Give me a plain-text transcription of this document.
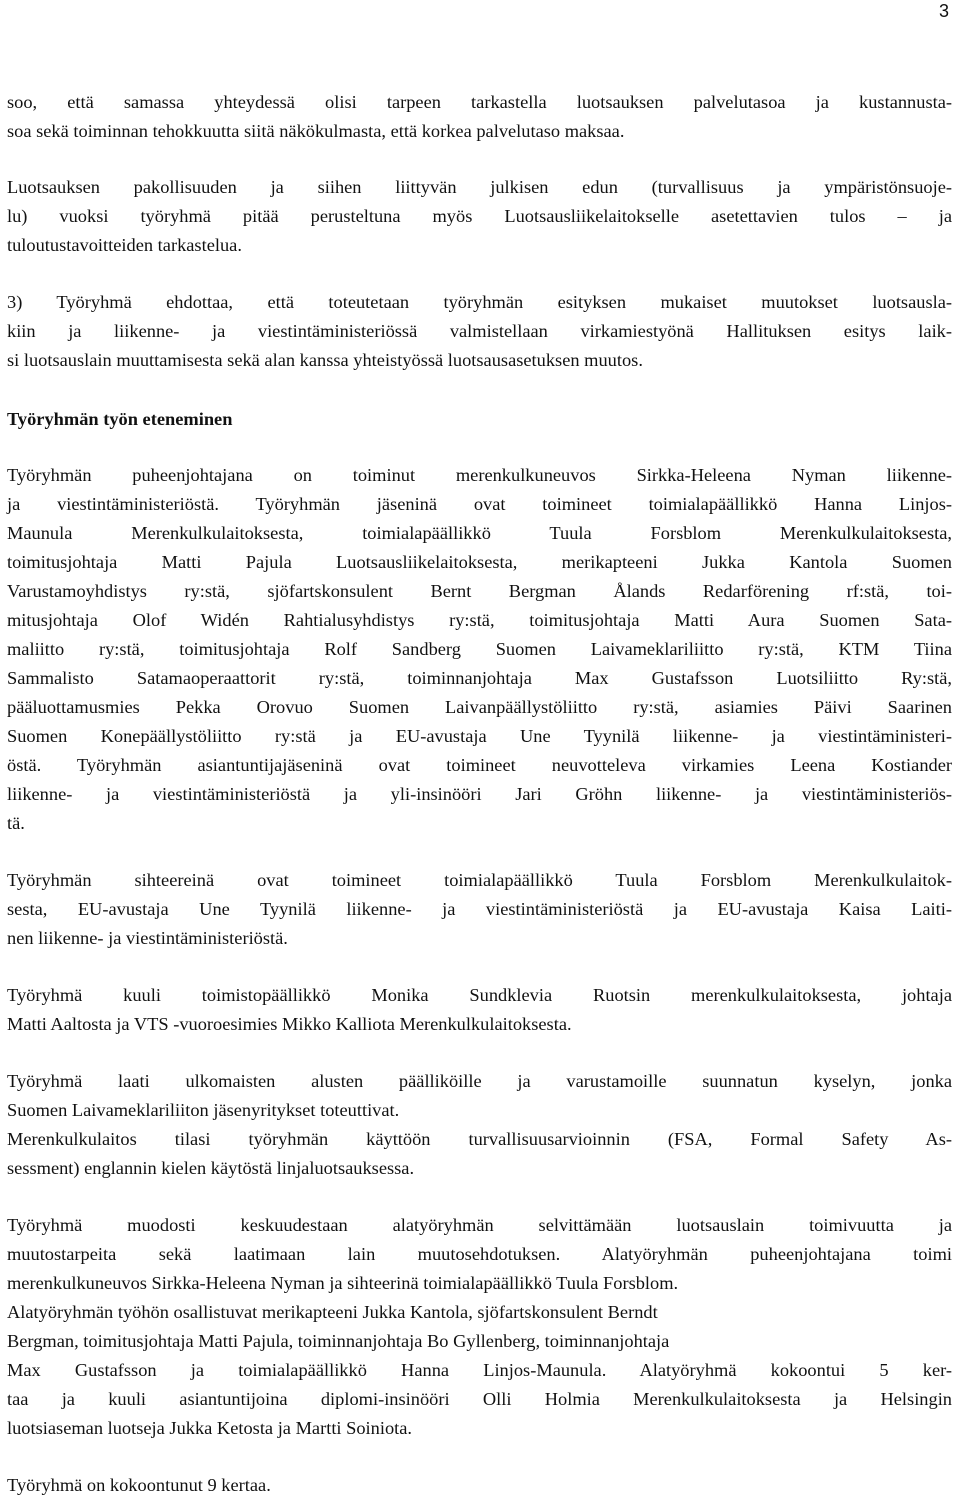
3
soo, että samassa yhteydessä olisi tarpeen tarkastella luotsauksen palvelutasoa ja kustannusta-
soa sekä toiminnan tehokkuutta siitä näkökulmasta, että korkea palvelutaso maksaa.
Luotsauksen pakollisuuden ja siihen liittyvän julkisen edun (turvallisuus ja ympäristönsuoje-
lu) vuoksi työryhmä pitää perusteltuna myös Luotsausliikelaitokselle asetettavien tulos – ja
tuloutustavoitteiden tarkastelua.
3) Työryhmä ehdottaa, että toteutetaan työryhmän esityksen mukaiset muutokset luotsausla-
kiin ja liikenne- ja viestintäministeriössä valmistellaan virkamiestyönä Hallituksen esitys laik-
si luotsauslain muuttamisesta sekä alan kanssa yhteistyössä luotsausasetuksen muutos.
Työryhmän työn eteneminen
Työryhmän puheenjohtajana on toiminut merenkulkuneuvos Sirkka-Heleena Nyman liikenne-
ja viestintäministeriöstä. Työryhmän jäseninä ovat toimineet toimialapäällikkö Hanna Linjos-
Maunula Merenkulkulaitoksesta, toimialapäällikkö Tuula Forsblom Merenkulkulaitoksesta,
toimitusjohtaja Matti Pajula Luotsausliikelaitoksesta, merikapteeni Jukka Kantola Suomen
Varustamoyhdistys ry:stä, sjöfartskonsulent Bernt Bergman Ålands Redarförening rf:stä, toi-
mitusjohtaja Olof Widén Rahtialusyhdistys ry:stä, toimitusjohtaja Matti Aura Suomen Sata-
maliitto ry:stä, toimitusjohtaja Rolf Sandberg Suomen Laivameklariliitto ry:stä, KTM Tiina
Sammalisto Satamaoperaattorit ry:stä, toiminnanjohtaja Max Gustafsson Luotsiliitto Ry:stä,
pääluottamusmies Pekka Orovuo Suomen Laivanpäällystöliitto ry:stä, asiamies Päivi Saarinen
Suomen Konepäällystöliitto ry:stä ja EU-avustaja Une Tyynilä liikenne- ja viestintäministeri-
östä. Työryhmän asiantuntijajäseninä ovat toimineet neuvotteleva virkamies Leena Kostiander
liikenne- ja viestintäministeriöstä ja yli-insinööri Jari Gröhn liikenne- ja viestintäministeriös-
tä.
Työryhmän sihteereinä ovat toimineet toimialapäällikkö Tuula Forsblom Merenkulkulaitok-
sesta, EU-avustaja Une Tyynilä liikenne- ja viestintäministeriöstä ja EU-avustaja Kaisa Laiti-
nen liikenne- ja viestintäministeriöstä.
Työryhmä kuuli toimistopäällikkö Monika Sundklevia Ruotsin merenkulkulaitoksesta, johtaja
Matti Aaltosta ja VTS -vuoroesimies Mikko Kalliota Merenkulkulaitoksesta.
Työryhmä laati ulkomaisten alusten päälliköille ja varustamoille suunnatun kyselyn, jonka
Suomen Laivameklariliiton jäsenyritykset toteuttivat.
Merenkulkulaitos tilasi työryhmän käyttöön turvallisuusarvioinnin (FSA, Formal Safety As-
sessment) englannin kielen käytöstä linjaluotsauksessa.
Työryhmä muodosti keskuudestaan alatyöryhmän selvittämään luotsauslain toimivuutta ja
muutostarpeita sekä laatimaan lain muutosehdotuksen. Alatyöryhmän puheenjohtajana toimi
merenkulkuneuvos Sirkka-Heleena Nyman ja sihteerinä toimialapäällikkö Tuula Forsblom.
Alatyöryhmän työhön osallistuvat merikapteeni Jukka Kantola, sjöfartskonsulent Berndt
Bergman, toimitusjohtaja Matti Pajula, toiminnanjohtaja Bo Gyllenberg, toiminnanjohtaja
Max Gustafsson ja toimialapäällikkö Hanna Linjos-Maunula. Alatyöryhmä kokoontui 5 ker-
taa ja kuuli asiantuntijoina diplomi-insinööri Olli Holmia Merenkulkulaitoksesta ja Helsingin
luotsiaseman luotseja Jukka Ketosta ja Martti Soiniota.
Työryhmä on kokoontunut 9 kertaa.
